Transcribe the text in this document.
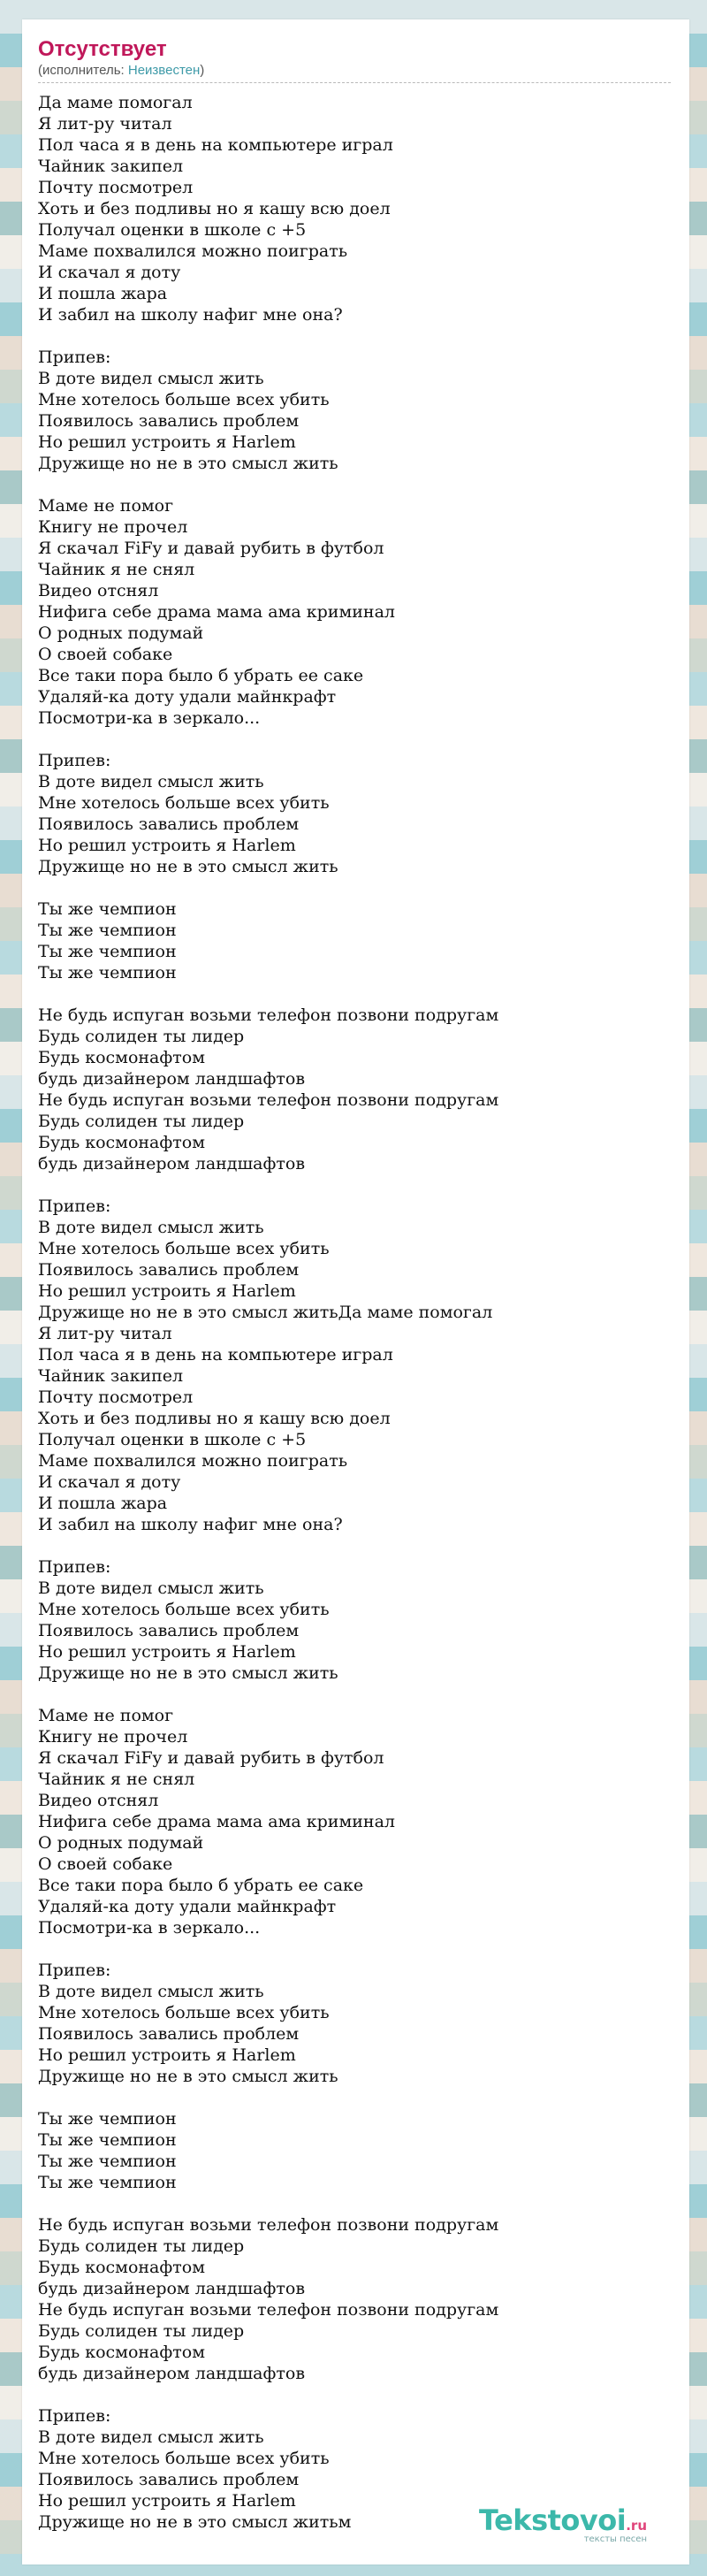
Отсутствует
(исполнитель: Неизвестен)
Да маме помогал
Я лит-ру читал
Пол часа я в день на компьютере играл
Чайник закипел
Почту посмотрел
Хоть и без подливы но я кашу всю доел
Получал оценки в школе с +5
Маме похвалился можно поиграть
И скачал я доту
И пошла жара
И забил на школу нафиг мне она?

Припев:
В доте видел смысл жить
Мне хотелось больше всех убить
Появилось завались проблем
Но решил устроить я Harlem
Дружище но не в это смысл жить

Маме не помог
Книгу не прочел
Я скачал FiFy и давай рубить в футбол
Чайник я не снял
Видео отснял
Нифига себе драма мама ама криминал
О родных подумай
О своей собаке
Все таки пора было б убрать ее саке
Удаляй-ка доту удали майнкрафт
Посмотри-ка в зеркало...

Припев:
В доте видел смысл жить
Мне хотелось больше всех убить
Появилось завались проблем
Но решил устроить я Harlem
Дружище но не в это смысл жить

Ты же чемпион
Ты же чемпион
Ты же чемпион
Ты же чемпион

Не будь испуган возьми телефон позвони подругам
Будь солиден ты лидер
Будь космонафтом
будь дизайнером ландшафтов
Не будь испуган возьми телефон позвони подругам
Будь солиден ты лидер
Будь космонафтом
будь дизайнером ландшафтов

Припев:
В доте видел смысл жить
Мне хотелось больше всех убить
Появилось завались проблем
Но решил устроить я Harlem
Дружище но не в это смысл житьДа маме помогал
Я лит-ру читал
Пол часа я в день на компьютере играл
Чайник закипел
Почту посмотрел
Хоть и без подливы но я кашу всю доел
Получал оценки в школе с +5
Маме похвалился можно поиграть
И скачал я доту
И пошла жара
И забил на школу нафиг мне она?

Припев:
В доте видел смысл жить
Мне хотелось больше всех убить
Появилось завались проблем
Но решил устроить я Harlem
Дружище но не в это смысл жить

Маме не помог
Книгу не прочел
Я скачал FiFy и давай рубить в футбол
Чайник я не снял
Видео отснял
Нифига себе драма мама ама криминал
О родных подумай
О своей собаке
Все таки пора было б убрать ее саке
Удаляй-ка доту удали майнкрафт
Посмотри-ка в зеркало...

Припев:
В доте видел смысл жить
Мне хотелось больше всех убить
Появилось завались проблем
Но решил устроить я Harlem
Дружище но не в это смысл жить

Ты же чемпион
Ты же чемпион
Ты же чемпион
Ты же чемпион

Не будь испуган возьми телефон позвони подругам
Будь солиден ты лидер
Будь космонафтом
будь дизайнером ландшафтов
Не будь испуган возьми телефон позвони подругам
Будь солиден ты лидер
Будь космонафтом
будь дизайнером ландшафтов

Припев:
В доте видел смысл жить
Мне хотелось больше всех убить
Появилось завались проблем
Но решил устроить я Harlem
Дружище но не в это смысл житьм	Tekstovoi.ru
тексты песен
